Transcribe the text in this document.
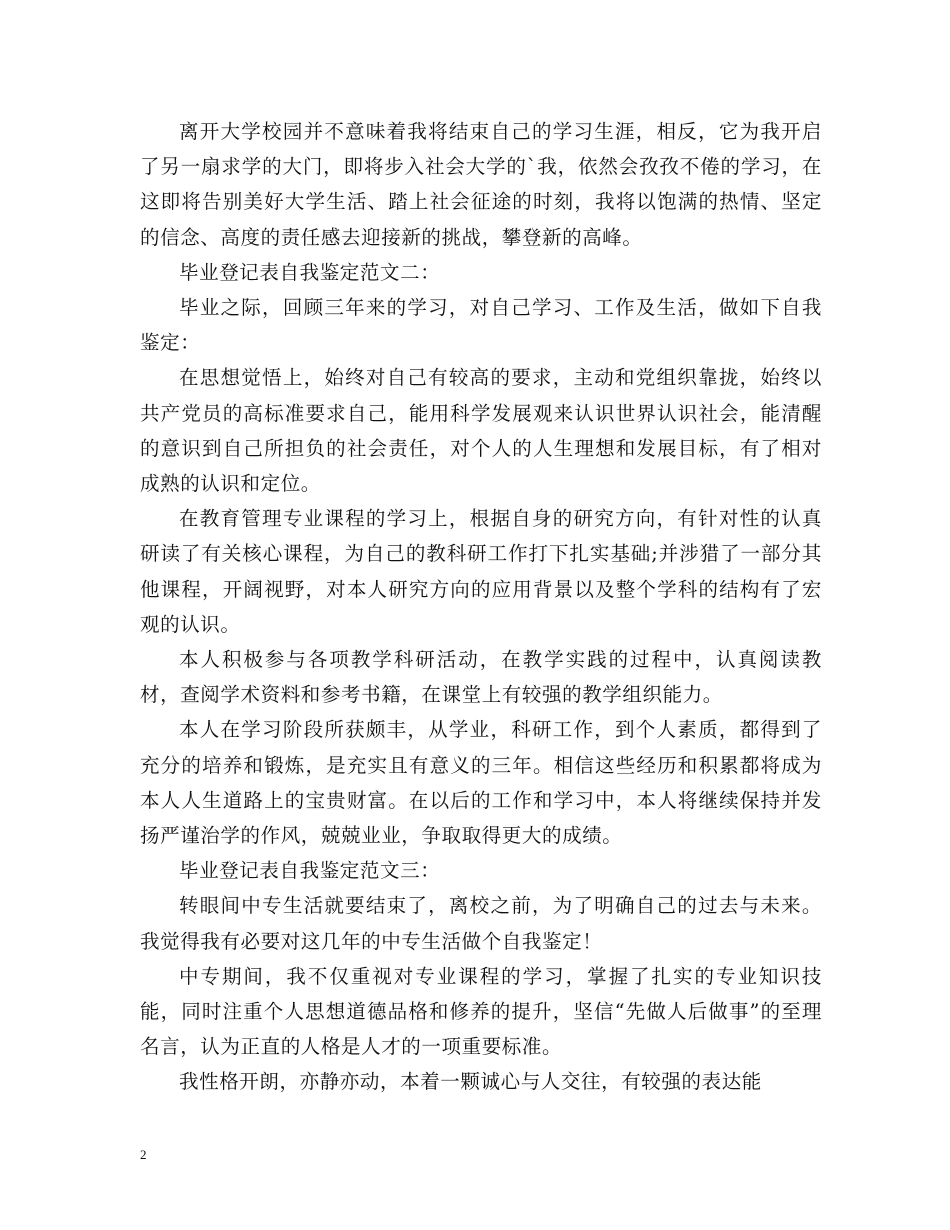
离开大学校园并不意味着我将结束自己的学习生涯，相反，它为我开启了另一扇求学的大门，即将步入社会大学的`我，依然会孜孜不倦的学习，在这即将告别美好大学生活、踏上社会征途的时刻，我将以饱满的热情、坚定的信念、高度的责任感去迎接新的挑战，攀登新的高峰。

毕业登记表自我鉴定范文二：

毕业之际，回顾三年来的学习，对自己学习、工作及生活，做如下自我鉴定：

在思想觉悟上，始终对自己有较高的要求，主动和党组织靠拢，始终以共产党员的高标准要求自己，能用科学发展观来认识世界认识社会，能清醒的意识到自己所担负的社会责任，对个人的人生理想和发展目标，有了相对成熟的认识和定位。

在教育管理专业课程的学习上，根据自身的研究方向，有针对性的认真研读了有关核心课程，为自己的教科研工作打下扎实基础;并涉猎了一部分其他课程，开阔视野，对本人研究方向的应用背景以及整个学科的结构有了宏观的认识。

本人积极参与各项教学科研活动，在教学实践的过程中，认真阅读教材，查阅学术资料和参考书籍，在课堂上有较强的教学组织能力。

本人在学习阶段所获颇丰，从学业，科研工作，到个人素质，都得到了充分的培养和锻炼，是充实且有意义的三年。相信这些经历和积累都将成为本人人生道路上的宝贵财富。在以后的工作和学习中，本人将继续保持并发扬严谨治学的作风，兢兢业业，争取取得更大的成绩。

毕业登记表自我鉴定范文三：

转眼间中专生活就要结束了，离校之前，为了明确自己的过去与未来。我觉得我有必要对这几年的中专生活做个自我鉴定！

中专期间，我不仅重视对专业课程的学习，掌握了扎实的专业知识技能，同时注重个人思想道德品格和修养的提升，坚信“先做人后做事”的至理名言，认为正直的人格是人才的一项重要标准。

我性格开朗，亦静亦动，本着一颗诚心与人交往，有较强的表达能

2
